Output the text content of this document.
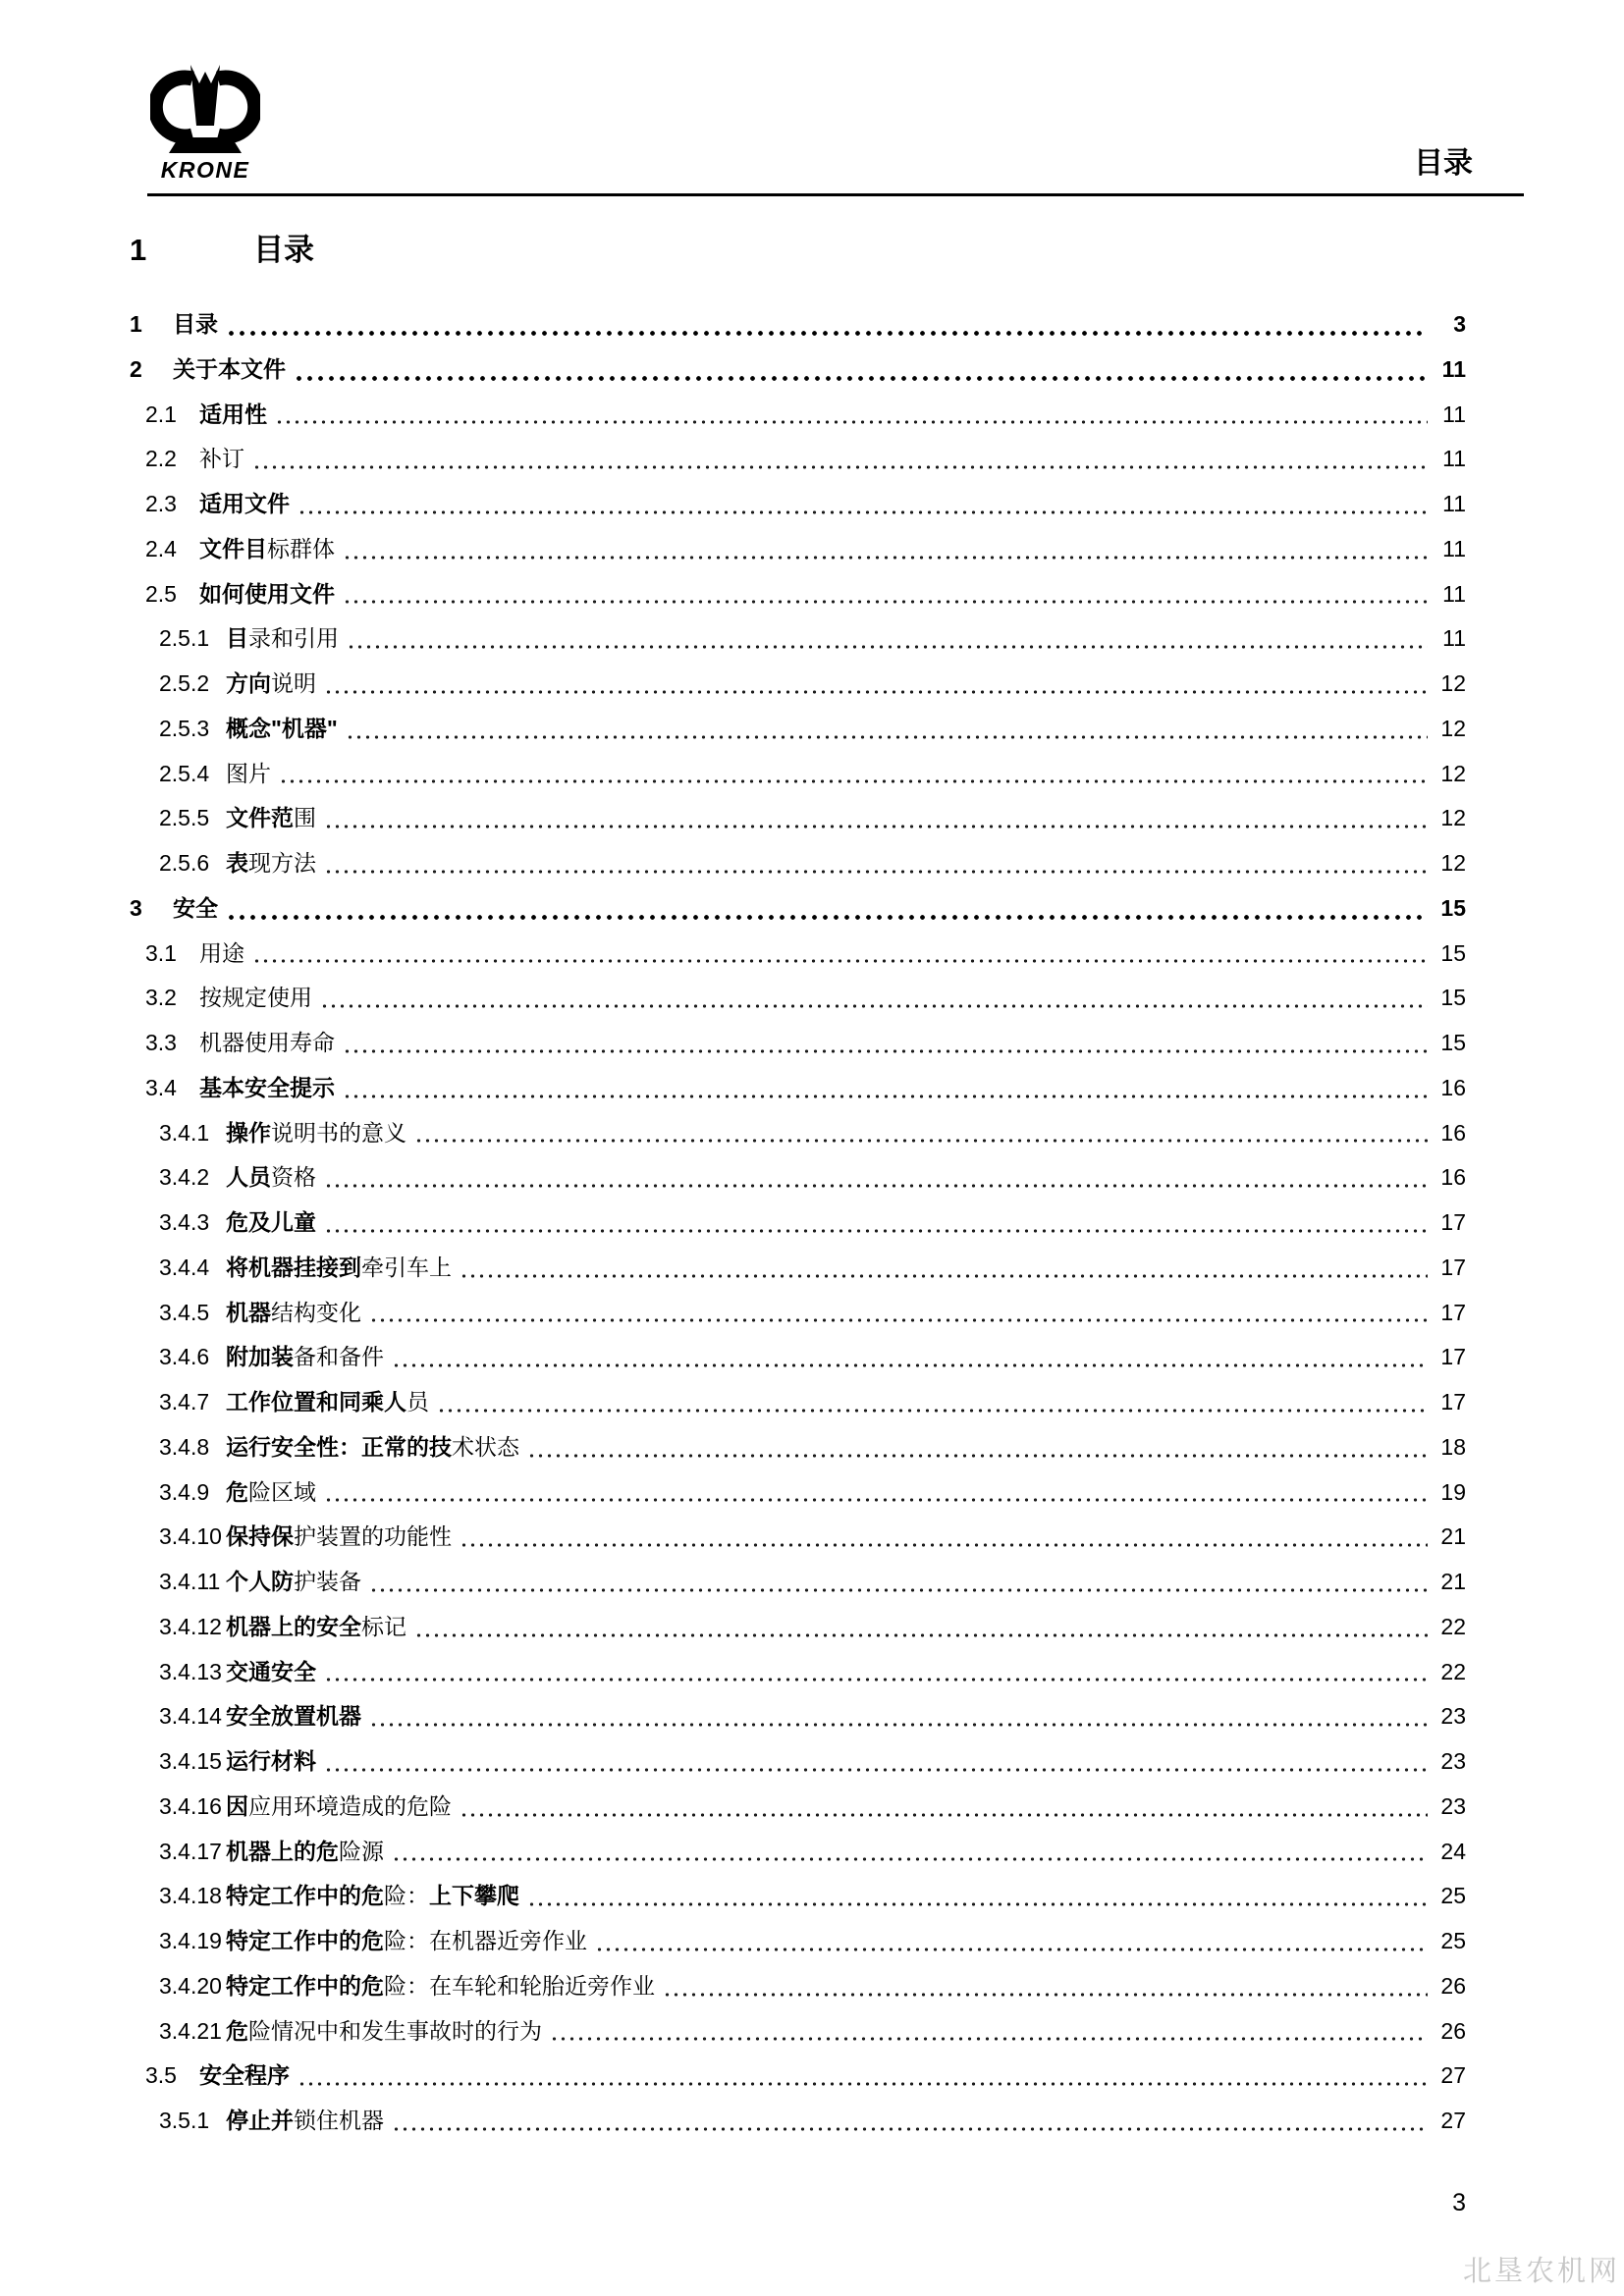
KRONE	目录
1	目录
1	目录	3
2	关于本文件	11
2.1	适用性	11
2.2	补订	11
2.3	适用文件	11
2.4	文件目标群体	11
2.5	如何使用文件	11
2.5.1 目录和引用	11
2.5.2 方向说明	12
2.5.3 概念"机器"	12
2.5.4 图片	12
2.5.5 文件范围	12
2.5.6 表现方法	12
3	安全	15
3.1	用途	15
3.2	按规定使用	15
3.3	机器使用寿命	15
3.4	基本安全提示	16
3.4.1 操作说明书的意义	16
3.4.2 人员资格	16
3.4.3 危及儿童	17
3.4.4 将机器挂接到牵引车上	17
3.4.5 机器结构变化	17
3.4.6 附加装备和备件	17
3.4.7 工作位置和同乘人员	17
3.4.8 运行安全性：正常的技术状态	18
3.4.9 危险区域	19
3.4.10 保持保护装置的功能性	21
3.4.11 个人防护装备	21
3.4.12 机器上的安全标记	22
3.4.13 交通安全	22
3.4.14 安全放置机器	23
3.4.15 运行材料	23
3.4.16 因应用环境造成的危险	23
3.4.17 机器上的危险源	24
3.4.18 特定工作中的危险：上下攀爬	25
3.4.19 特定工作中的危险：在机器近旁作业	25
3.4.20 特定工作中的危险：在车轮和轮胎近旁作业	26
3.4.21 危险情况中和发生事故时的行为	26
3.5	安全程序	27
3.5.1 停止并锁住机器	27
3
北垦农机网
